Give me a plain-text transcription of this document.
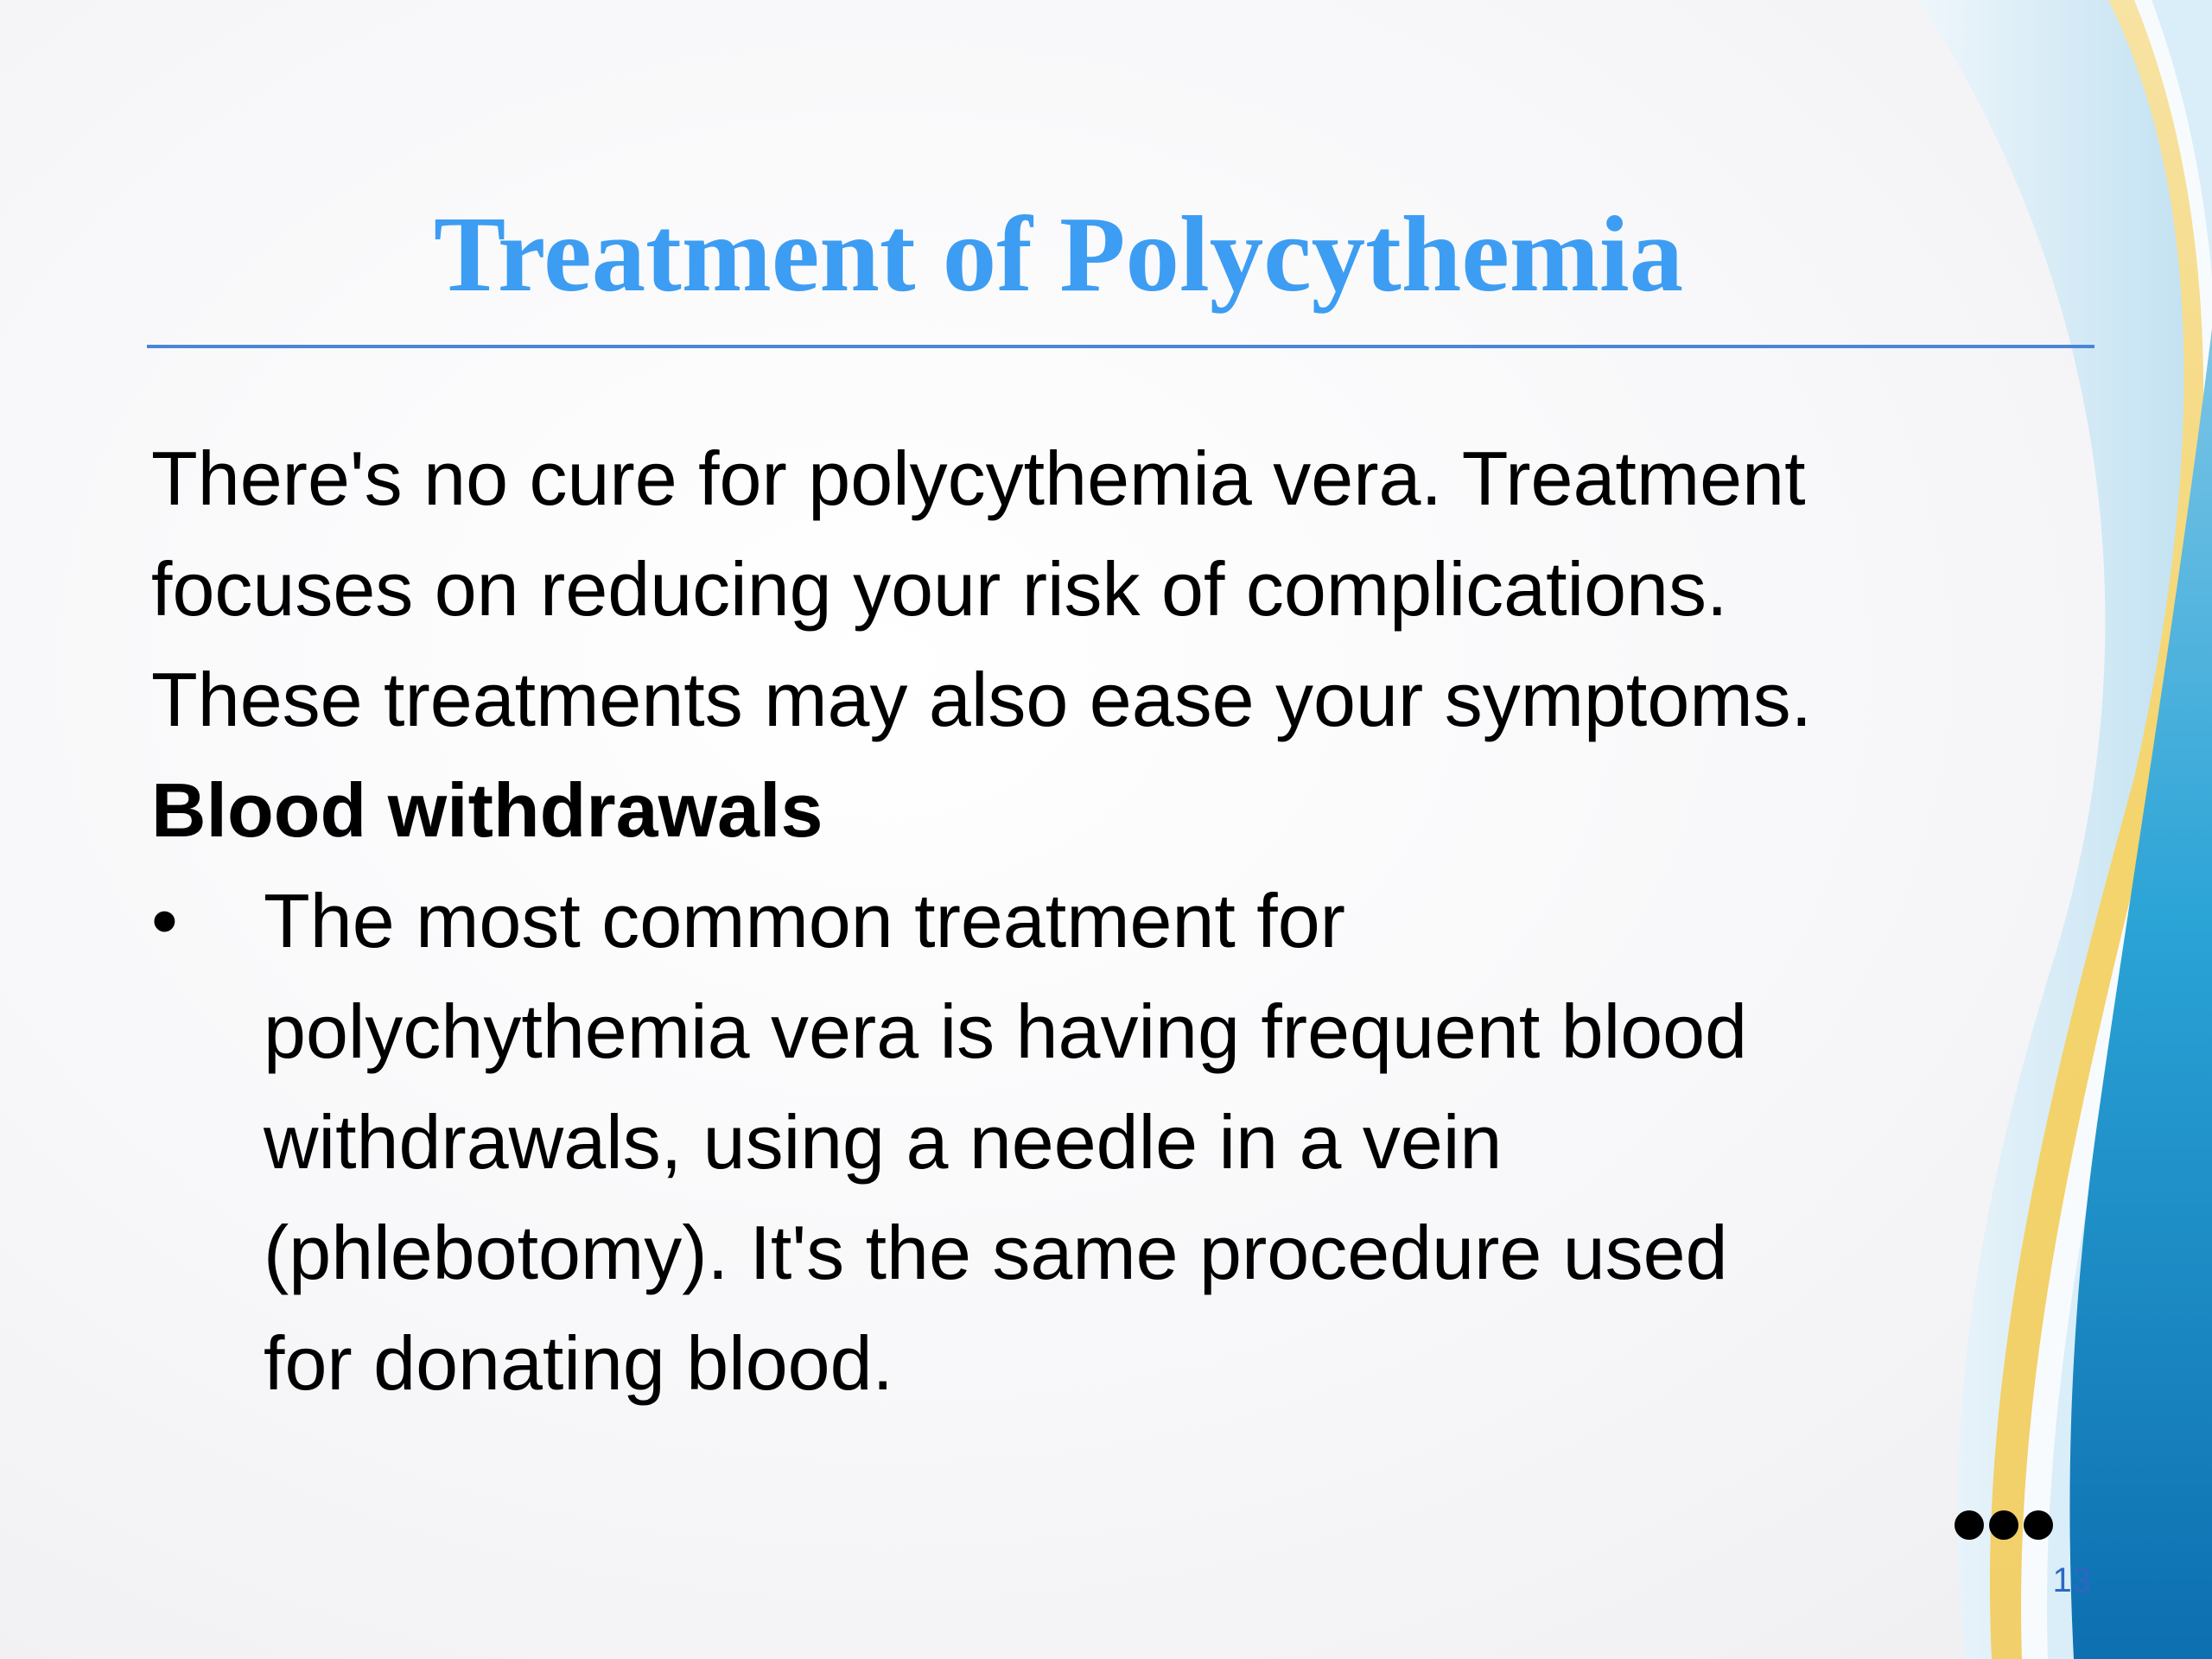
Treatment of Polycythemia

There's no cure for polycythemia vera. Treatment

focuses on reducing your risk of complications.

These treatments may also ease your symptoms.

Blood withdrawals

• The most common treatment for

polychythemia vera is having frequent blood

withdrawals, using a needle in a vein

(phlebotomy). It's the same procedure used

for donating blood.

13
